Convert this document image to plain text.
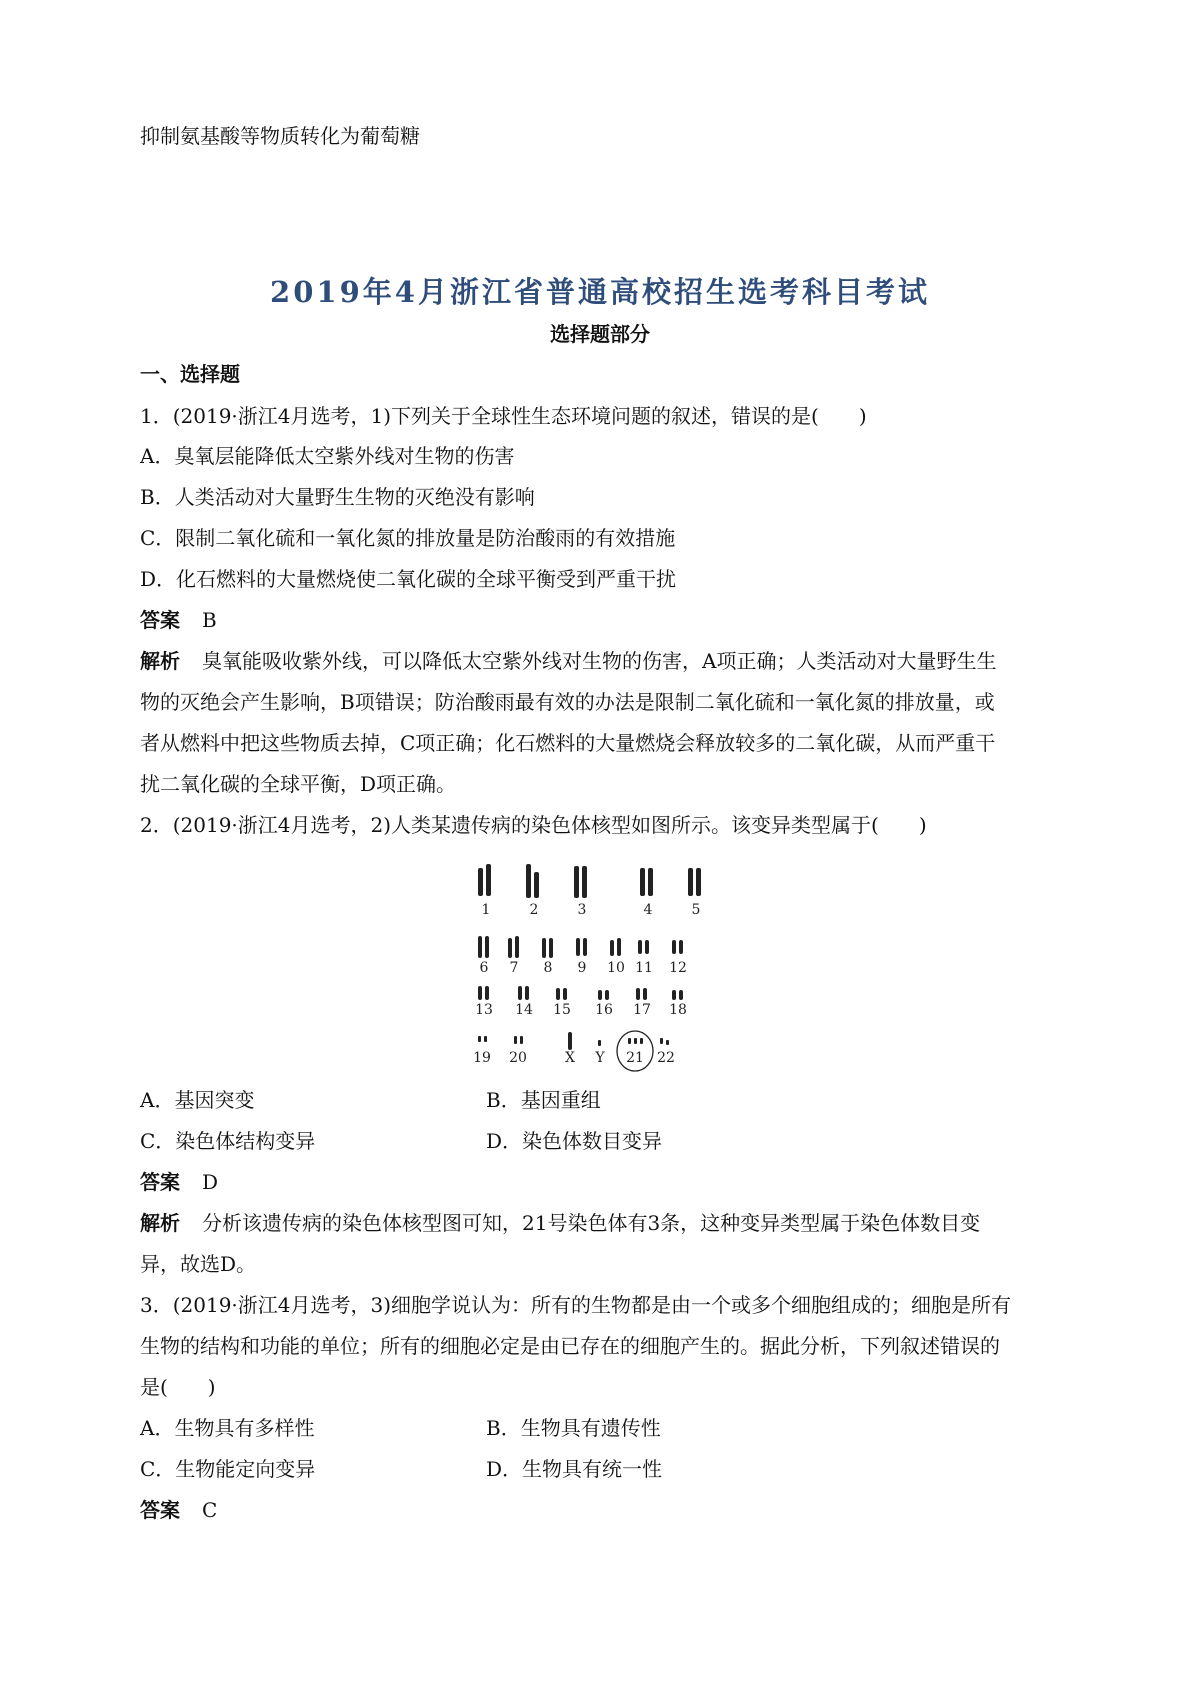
抑制氨基酸等物质转化为葡萄糖
2019年4月浙江省普通高校招生选考科目考试
选择题部分
一、选择题
1．(2019·浙江4月选考，1)下列关于全球性生态环境问题的叙述，错误的是(　　)
A．臭氧层能降低太空紫外线对生物的伤害
B．人类活动对大量野生生物的灭绝没有影响
C．限制二氧化硫和一氧化氮的排放量是防治酸雨的有效措施
D．化石燃料的大量燃烧使二氧化碳的全球平衡受到严重干扰
答案 B
解析 臭氧能吸收紫外线，可以降低太空紫外线对生物的伤害，A项正确；人类活动对大量野生生
物的灭绝会产生影响，B项错误；防治酸雨最有效的办法是限制二氧化硫和一氧化氮的排放量，或
者从燃料中把这些物质去掉，C项正确；化石燃料的大量燃烧会释放较多的二氧化碳，从而严重干
扰二氧化碳的全球平衡，D项正确。
2．(2019·浙江4月选考，2)人类某遗传病的染色体核型如图所示。该变异类型属于(　　)
1	2	3	4	5
6 7 8 9 10 11 12
13 14 15 16 17 18
19 20	X Y 21 22
A．基因突变	B．基因重组
C．染色体结构变异	D．染色体数目变异
答案 D
解析 分析该遗传病的染色体核型图可知，21号染色体有3条，这种变异类型属于染色体数目变
异，故选D。
3．(2019·浙江4月选考，3)细胞学说认为：所有的生物都是由一个或多个细胞组成的；细胞是所有
生物的结构和功能的单位；所有的细胞必定是由已存在的细胞产生的。据此分析，下列叙述错误的
是(　　)
A．生物具有多样性	B．生物具有遗传性
C．生物能定向变异	D．生物具有统一性
答案 C
